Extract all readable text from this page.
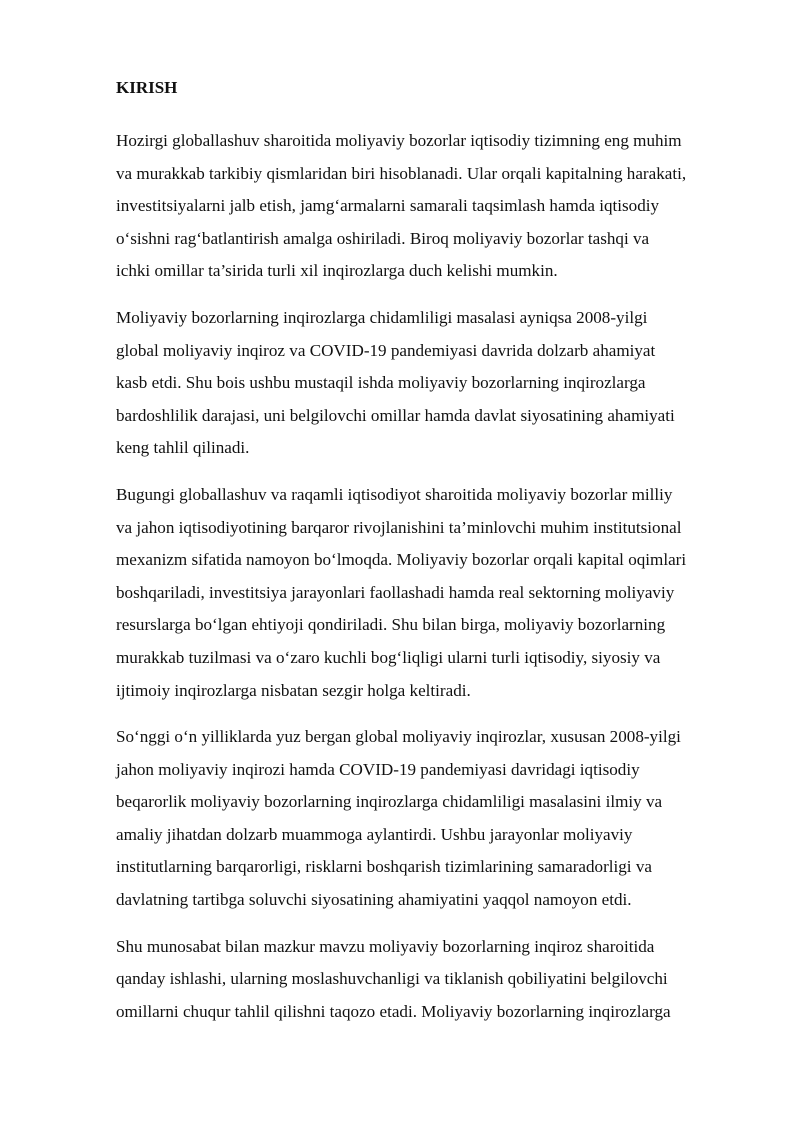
KIRISH
Hozirgi globallashuv sharoitida moliyaviy bozorlar iqtisodiy tizimning eng muhim
va murakkab tarkibiy qismlaridan biri hisoblanadi. Ular orqali kapitalning harakati,
investitsiyalarni jalb etish, jamg‘armalarni samarali taqsimlash hamda iqtisodiy
o‘sishni rag‘batlantirish amalga oshiriladi. Biroq moliyaviy bozorlar tashqi va
ichki omillar ta’sirida turli xil inqirozlarga duch kelishi mumkin.
Moliyaviy bozorlarning inqirozlarga chidamliligi masalasi ayniqsa 2008-yilgi
global moliyaviy inqiroz va COVID-19 pandemiyasi davrida dolzarb ahamiyat
kasb etdi. Shu bois ushbu mustaqil ishda moliyaviy bozorlarning inqirozlarga
bardoshlilik darajasi, uni belgilovchi omillar hamda davlat siyosatining ahamiyati
keng tahlil qilinadi.
Bugungi globallashuv va raqamli iqtisodiyot sharoitida moliyaviy bozorlar milliy
va jahon iqtisodiyotining barqaror rivojlanishini ta’minlovchi muhim institutsional
mexanizm sifatida namoyon bo‘lmoqda. Moliyaviy bozorlar orqali kapital oqimlari
boshqariladi, investitsiya jarayonlari faollashadi hamda real sektorning moliyaviy
resurslarga bo‘lgan ehtiyoji qondiriladi. Shu bilan birga, moliyaviy bozorlarning
murakkab tuzilmasi va o‘zaro kuchli bog‘liqligi ularni turli iqtisodiy, siyosiy va
ijtimoiy inqirozlarga nisbatan sezgir holga keltiradi.
So‘nggi o‘n yilliklarda yuz bergan global moliyaviy inqirozlar, xususan 2008-yilgi
jahon moliyaviy inqirozi hamda COVID-19 pandemiyasi davridagi iqtisodiy
beqarorlik moliyaviy bozorlarning inqirozlarga chidamliligi masalasini ilmiy va
amaliy jihatdan dolzarb muammoga aylantirdi. Ushbu jarayonlar moliyaviy
institutlarning barqarorligi, risklarni boshqarish tizimlarining samaradorligi va
davlatning tartibga soluvchi siyosatining ahamiyatini yaqqol namoyon etdi.
Shu munosabat bilan mazkur mavzu moliyaviy bozorlarning inqiroz sharoitida
qanday ishlashi, ularning moslashuvchanligi va tiklanish qobiliyatini belgilovchi
omillarni chuqur tahlil qilishni taqozo etadi. Moliyaviy bozorlarning inqirozlarga
